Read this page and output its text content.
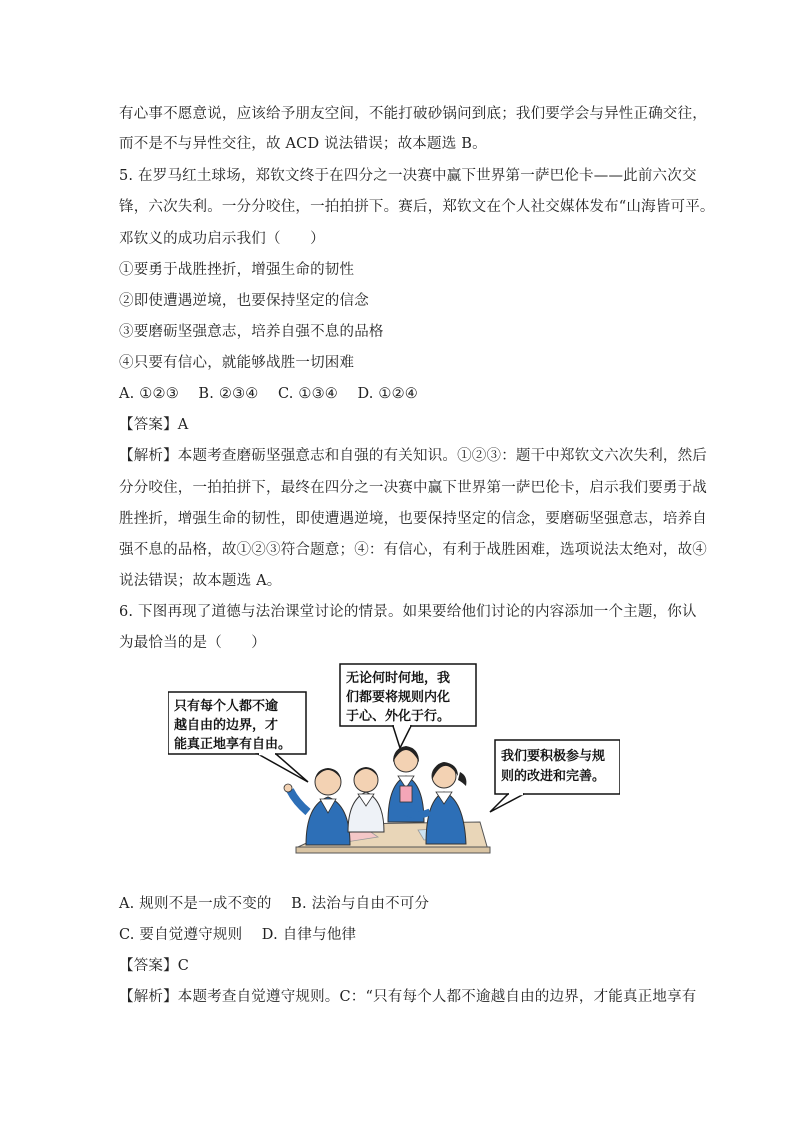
有心事不愿意说，应该给予朋友空间，不能打破砂锅问到底；我们要学会与异性正确交往，
而不是不与异性交往，故 ACD 说法错误；故本题选 B。
5. 在罗马红土球场，郑钦文终于在四分之一决赛中赢下世界第一萨巴伦卡——此前六次交
锋，六次失利。一分分咬住，一拍拍拼下。赛后，郑钦文在个人社交媒体发布“山海皆可平。
邓钦义的成功启示我们（　　）
①要勇于战胜挫折，增强生命的韧性
②即使遭遇逆境，也要保持坚定的信念
③要磨砺坚强意志，培养自强不息的品格
④只要有信心，就能够战胜一切困难
A. ①②③　 B. ②③④　 C. ①③④　 D. ①②④
【答案】A
【解析】本题考查磨砺坚强意志和自强的有关知识。①②③：题干中郑钦文六次失利，然后
分分咬住，一拍拍拼下，最终在四分之一决赛中赢下世界第一萨巴伦卡，启示我们要勇于战
胜挫折，增强生命的韧性，即使遭遇逆境，也要保持坚定的信念，要磨砺坚强意志，培养自
强不息的品格，故①②③符合题意；④：有信心，有利于战胜困难，选项说法太绝对，故④
说法错误；故本题选 A。
6. 下图再现了道德与法治课堂讨论的情景。如果要给他们讨论的内容添加一个主题，你认
为最恰当的是（　　）
只有每个人都不逾
越自由的边界，才
能真正地享有自由。
无论何时何地，我
们都要将规则内化
于心、外化于行。
我们要积极参与规
则的改进和完善。
A. 规则不是一成不变的　 B. 法治与自由不可分
C. 要自觉遵守规则　 D. 自律与他律
【答案】C
【解析】本题考查自觉遵守规则。C：“只有每个人都不逾越自由的边界，才能真正地享有
